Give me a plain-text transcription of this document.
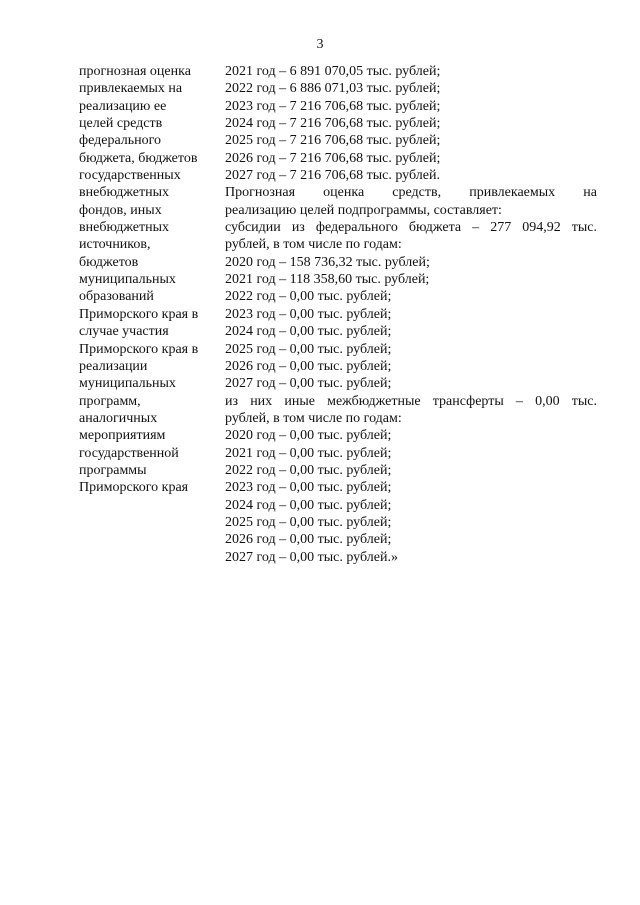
3
прогнозная оценка
привлекаемых на
реализацию ее
целей средств
федерального
бюджета, бюджетов
государственных
внебюджетных
фондов, иных
внебюджетных
источников,
бюджетов
муниципальных
образований
Приморского края в
случае участия
Приморского края в
реализации
муниципальных
программ,
аналогичных
мероприятиям
государственной
программы
Приморского края
2021 год – 6 891 070,05 тыс. рублей;
2022 год – 6 886 071,03 тыс. рублей;
2023 год – 7 216 706,68 тыс. рублей;
2024 год – 7 216 706,68 тыс. рублей;
2025 год – 7 216 706,68 тыс. рублей;
2026 год – 7 216 706,68 тыс. рублей;
2027 год – 7 216 706,68 тыс. рублей.
Прогнозная оценка средств, привлекаемых на
реализацию целей подпрограммы, составляет:
субсидии из федерального бюджета – 277 094,92 тыс.
рублей, в том числе по годам:
2020 год – 158 736,32 тыс. рублей;
2021 год – 118 358,60 тыс. рублей;
2022 год – 0,00 тыс. рублей;
2023 год – 0,00 тыс. рублей;
2024 год – 0,00 тыс. рублей;
2025 год – 0,00 тыс. рублей;
2026 год – 0,00 тыс. рублей;
2027 год – 0,00 тыс. рублей;
из них иные межбюджетные трансферты – 0,00 тыс.
рублей, в том числе по годам:
2020 год – 0,00 тыс. рублей;
2021 год – 0,00 тыс. рублей;
2022 год – 0,00 тыс. рублей;
2023 год – 0,00 тыс. рублей;
2024 год – 0,00 тыс. рублей;
2025 год – 0,00 тыс. рублей;
2026 год – 0,00 тыс. рублей;
2027 год – 0,00 тыс. рублей.»
